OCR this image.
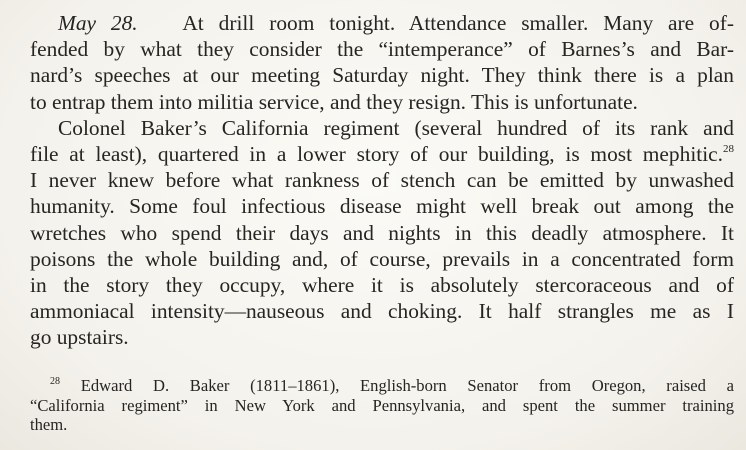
May 28. At drill room tonight. Attendance smaller. Many are of-
fended by what they consider the “intemperance” of Barnes’s and Bar-
nard’s speeches at our meeting Saturday night. They think there is a plan
to entrap them into militia service, and they resign. This is unfortunate.
Colonel Baker’s California regiment (several hundred of its rank and
file at least), quartered in a lower story of our building, is most mephitic.$^{28}$
I never knew before what rankness of stench can be emitted by unwashed
humanity. Some foul infectious disease might well break out among the
wretches who spend their days and nights in this deadly atmosphere. It
poisons the whole building and, of course, prevails in a concentrated form
in the story they occupy, where it is absolutely stercoraceous and of
ammoniacal intensity—nauseous and choking. It half strangles me as I
go upstairs.
$^{28}$ Edward D. Baker (1811–1861), English-born Senator from Oregon, raised a
“California regiment” in New York and Pennsylvania, and spent the summer training
them.
